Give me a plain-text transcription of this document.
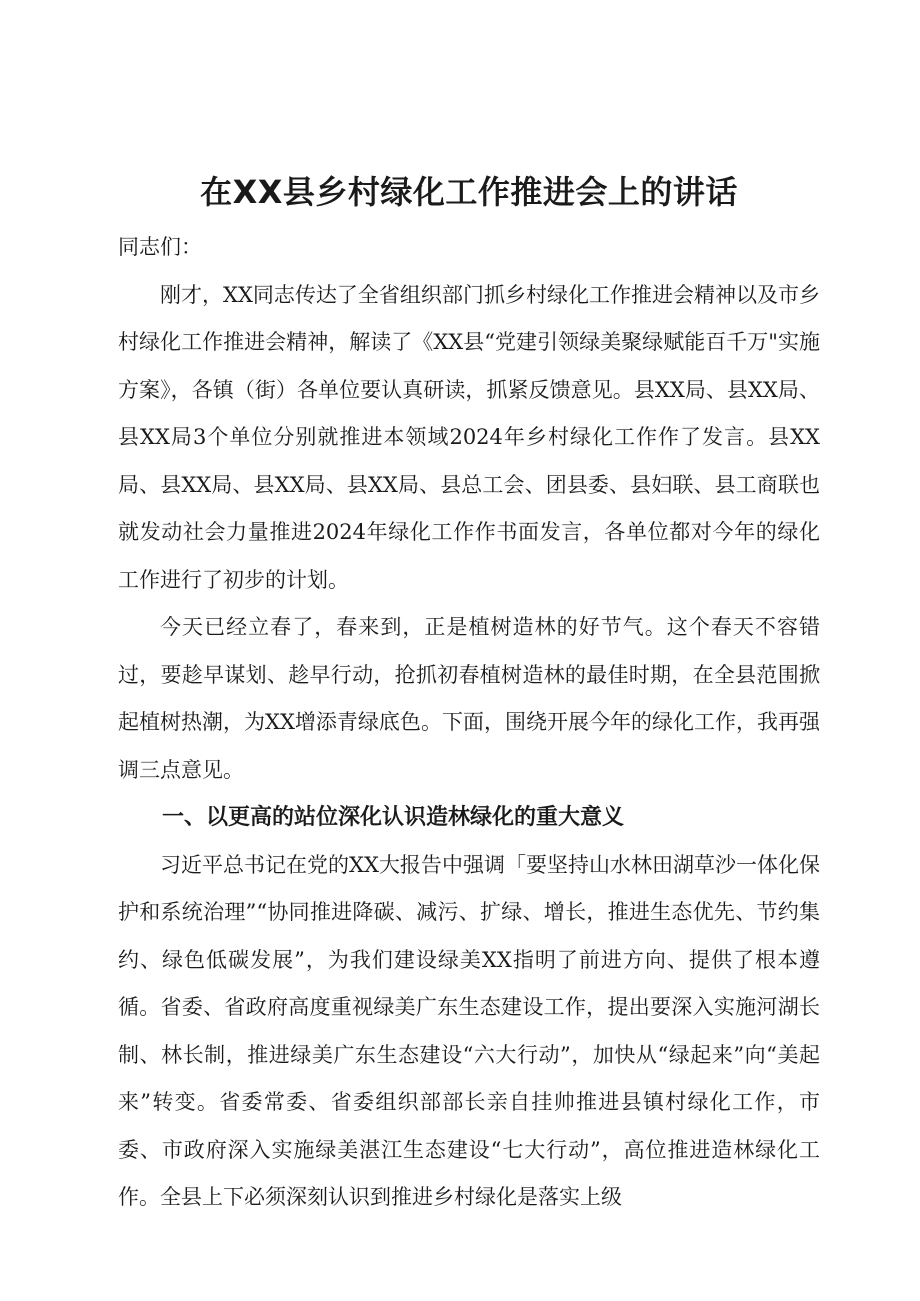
在XX县乡村绿化工作推进会上的讲话

同志们：

刚才，XX同志传达了全省组织部门抓乡村绿化工作推进会精神以及市乡村绿化工作推进会精神，解读了《XX县“党建引领绿美聚绿赋能百千万"实施方案》，各镇（街）各单位要认真研读，抓紧反馈意见。县XX局、县XX局、县XX局3个单位分别就推进本领域2024年乡村绿化工作作了发言。县XX局、县XX局、县XX局、县XX局、县总工会、团县委、县妇联、县工商联也就发动社会力量推进2024年绿化工作作书面发言，各单位都对今年的绿化工作进行了初步的计划。

今天已经立春了，春来到，正是植树造林的好节气。这个春天不容错过，要趁早谋划、趁早行动，抢抓初春植树造林的最佳时期，在全县范围掀起植树热潮，为XX增添青绿底色。下面，围绕开展今年的绿化工作，我再强调三点意见。

一、以更高的站位深化认识造林绿化的重大意义

习近平总书记在党的XX大报告中强调「要坚持山水林田湖草沙一体化保护和系统治理”“协同推进降碳、减污、扩绿、增长，推进生态优先、节约集约、绿色低碳发展”，为我们建设绿美XX指明了前进方向、提供了根本遵循。省委、省政府高度重视绿美广东生态建设工作，提出要深入实施河湖长制、林长制，推进绿美广东生态建设“六大行动”，加快从“绿起来”向“美起来”转变。省委常委、省委组织部部长亲自挂帅推进县镇村绿化工作，市委、市政府深入实施绿美湛江生态建设“七大行动”，高位推进造林绿化工作。全县上下必须深刻认识到推进乡村绿化是落实上级
